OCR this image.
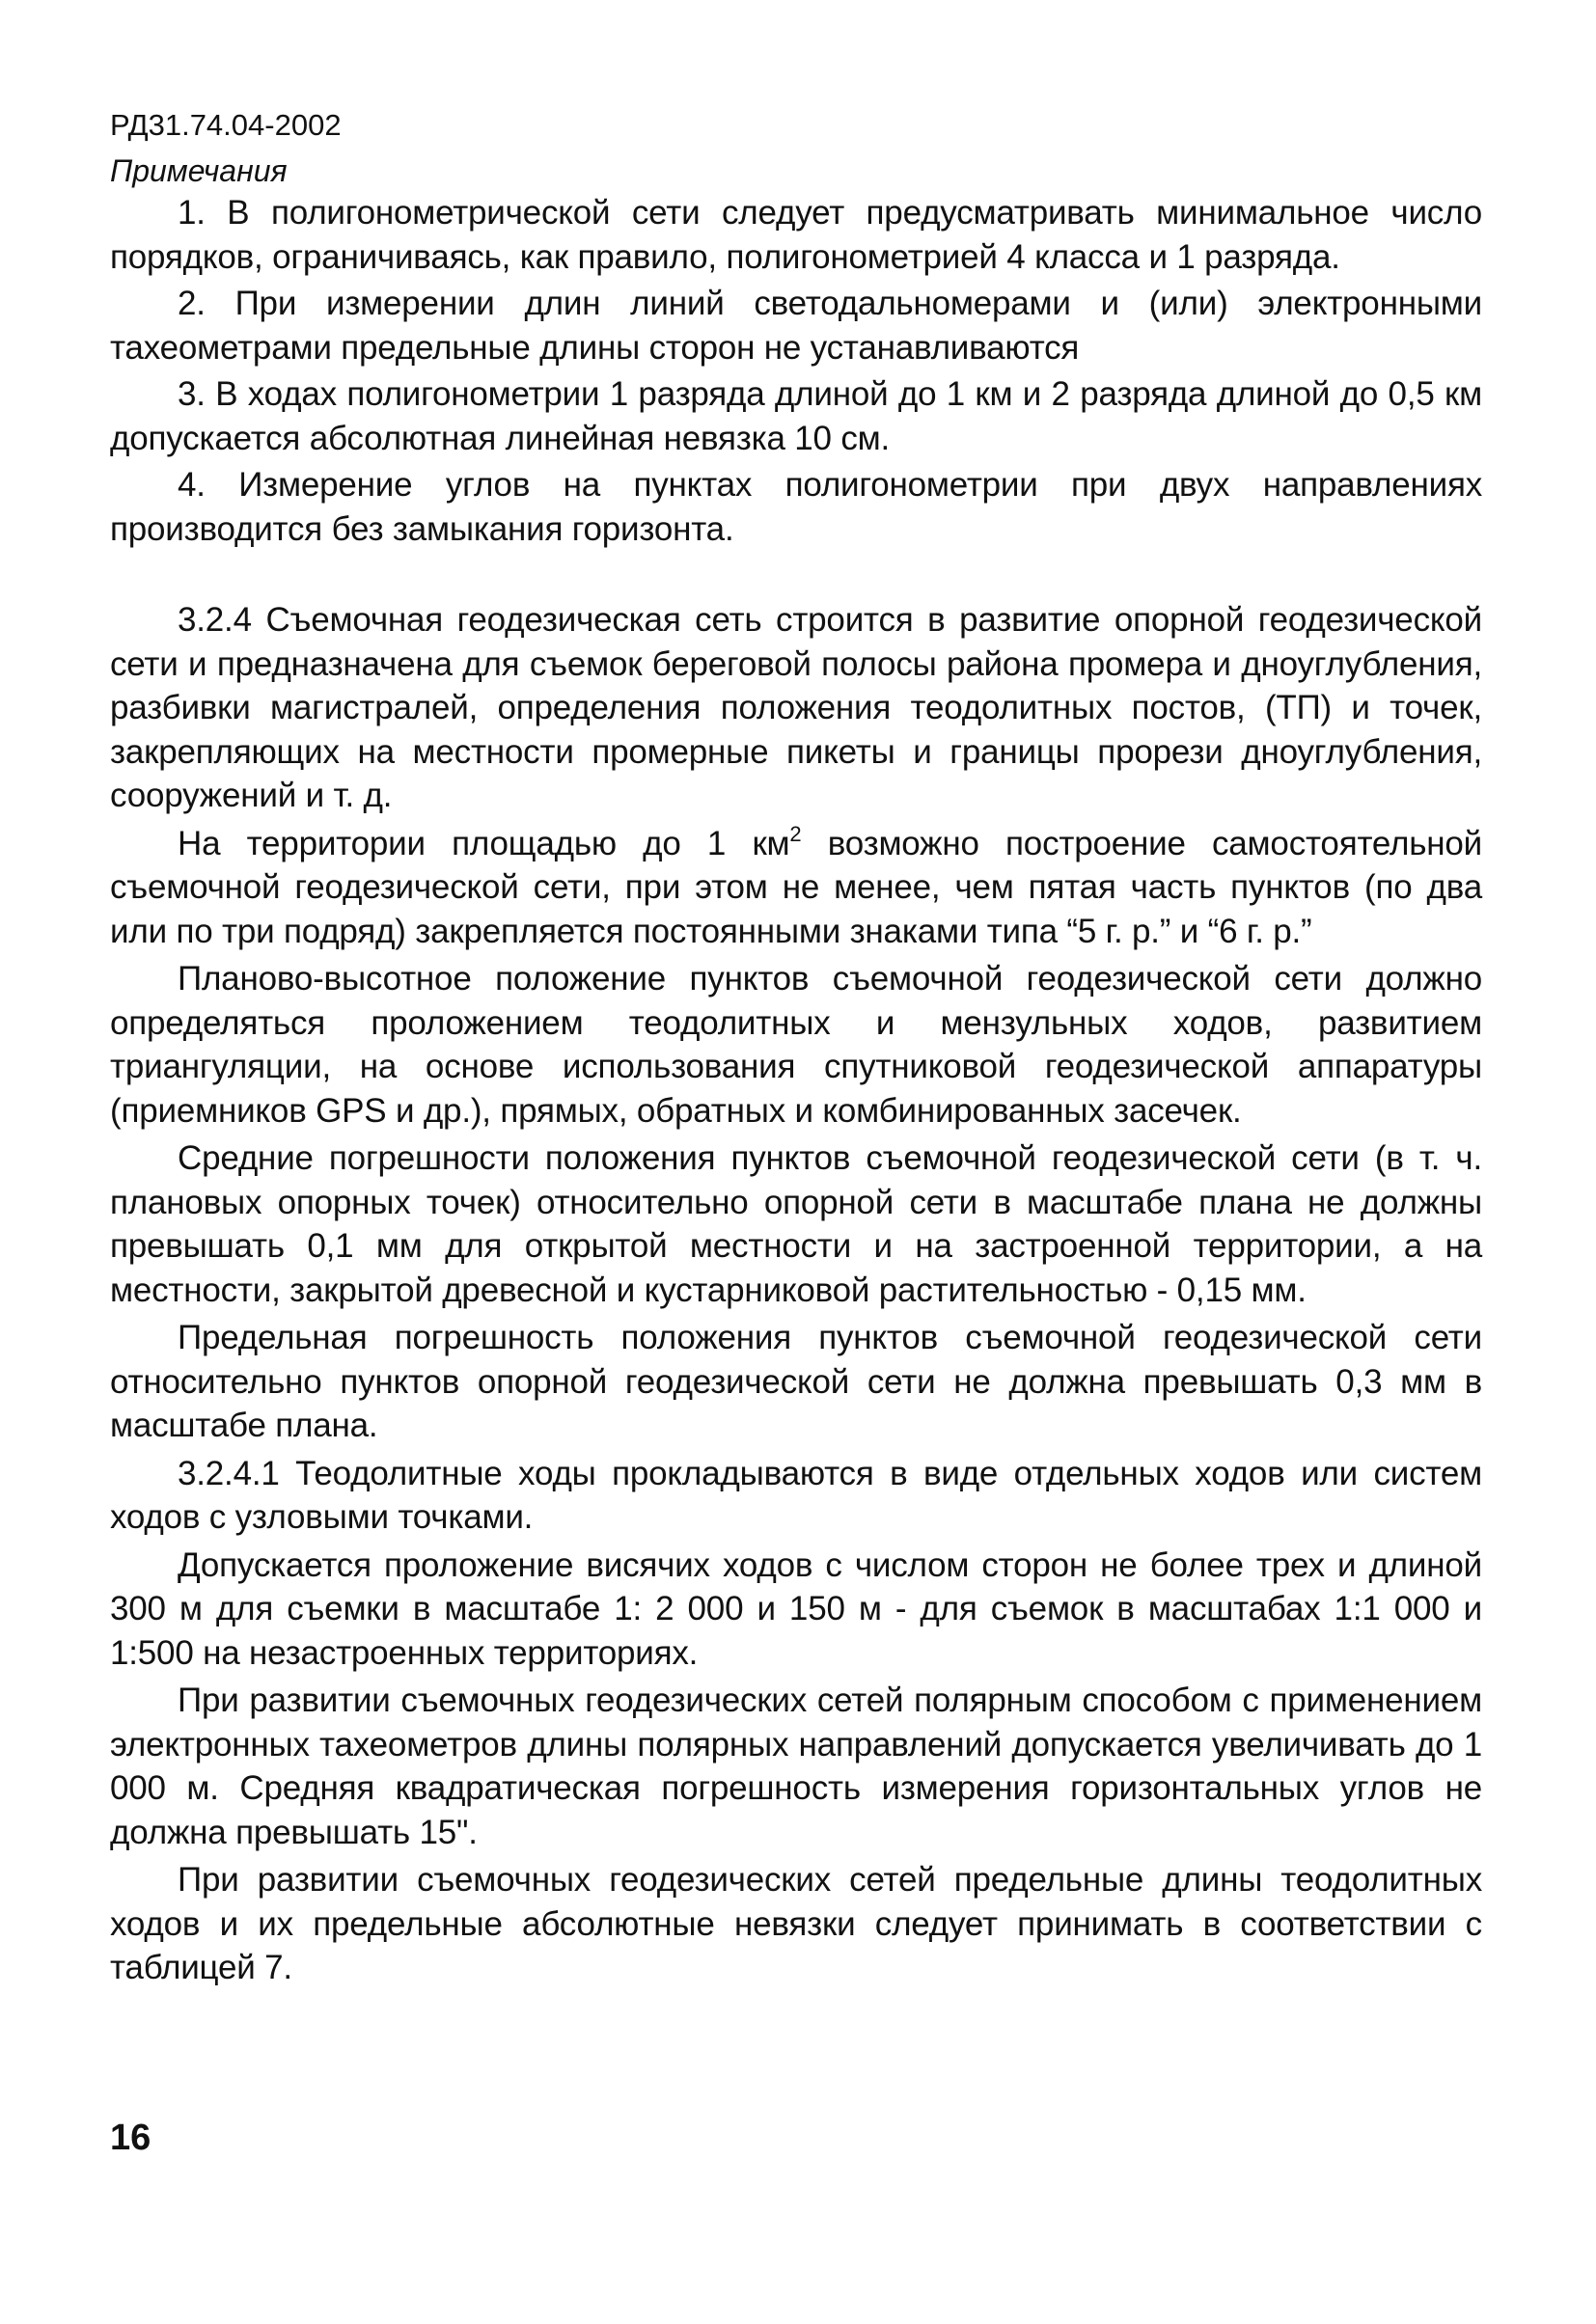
РД31.74.04-2002
Примечания

1. В полигонометрической сети следует предусматривать минимальное число порядков, ограничиваясь, как правило, полигонометрией 4 класса и 1 разряда.

2. При измерении длин линий светодальномерами и (или) электронными тахеометрами предельные длины сторон не устанавливаются

3. В ходах полигонометрии 1 разряда длиной до 1 км и 2 разряда длиной до 0,5 км допускается абсолютная линейная невязка 10 см.

4. Измерение углов на пунктах полигонометрии при двух направлениях производится без замыкания горизонта.

3.2.4 Съемочная геодезическая сеть строится в развитие опорной геодезической сети и предназначена для съемок береговой полосы района промера и дноуглубления, разбивки магистралей, определения положения теодолитных постов, (ТП) и точек, закрепляющих на местности промерные пикеты и границы прорези дноуглубления, сооружений и т. д.

На территории площадью до 1 $км^2$ возможно построение самостоятельной съемочной геодезической сети, при этом не менее, чем пятая часть пунктов (по два или по три подряд) закрепляется постоянными знаками типа “5 г. р.” и “6 г. р.”

Планово-высотное положение пунктов съемочной геодезической сети должно определяться проложением теодолитных и мензульных ходов, развитием триангуляции, на основе использования спутниковой геодезической аппаратуры (приемников GPS и др.), прямых, обратных и комбинированных засечек.

Средние погрешности положения пунктов съемочной геодезической сети (в т. ч. плановых опорных точек) относительно опорной сети в масштабе плана не должны превышать 0,1 мм для открытой местности и на застроенной территории, а на местности, закрытой древесной и кустарниковой растительностью - 0,15 мм.

Предельная погрешность положения пунктов съемочной геодезической сети относительно пунктов опорной геодезической сети не должна превышать 0,3 мм в масштабе плана.

3.2.4.1 Теодолитные ходы прокладываются в виде отдельных ходов или систем ходов с узловыми точками.

Допускается проложение висячих ходов с числом сторон не более трех и длиной 300 м для съемки в масштабе 1: 2 000 и 150 м - для съемок в масштабах 1:1 000 и 1:500 на незастроенных территориях.

При развитии съемочных геодезических сетей полярным способом с применением электронных тахеометров длины полярных направлений допускается увеличивать до 1 000 м. Средняя квадратическая погрешность измерения горизонтальных углов не должна превышать 15".

При развитии съемочных геодезических сетей предельные длины теодолитных ходов и их предельные абсолютные невязки следует принимать в соответствии с таблицей 7.

16
